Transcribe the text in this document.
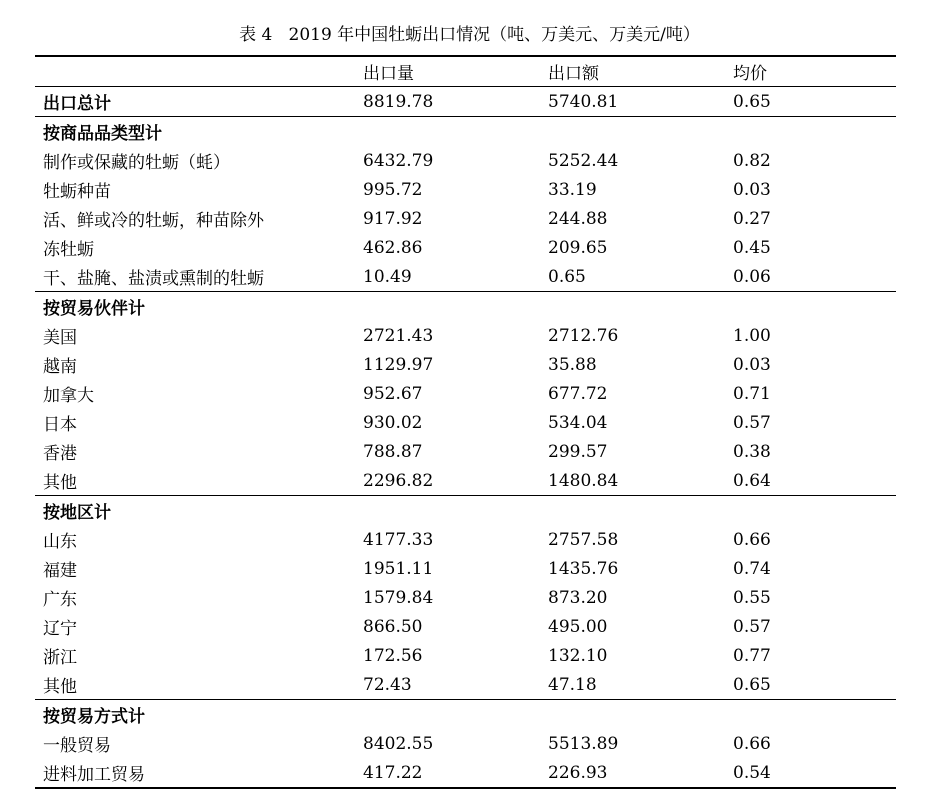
表 4   2019 年中国牡蛎出口情况（吨、万美元、万美元/吨）
	出口量	出口额	均价
出口总计	8819.78	5740.81	0.65
按商品品类型计			
制作或保藏的牡蛎（蚝）	6432.79	5252.44	0.82
牡蛎种苗	995.72	33.19	0.03
活、鲜或冷的牡蛎，种苗除外	917.92	244.88	0.27
冻牡蛎	462.86	209.65	0.45
干、盐腌、盐渍或熏制的牡蛎	10.49	0.65	0.06
按贸易伙伴计			
美国	2721.43	2712.76	1.00
越南	1129.97	35.88	0.03
加拿大	952.67	677.72	0.71
日本	930.02	534.04	0.57
香港	788.87	299.57	0.38
其他	2296.82	1480.84	0.64
按地区计			
山东	4177.33	2757.58	0.66
福建	1951.11	1435.76	0.74
广东	1579.84	873.20	0.55
辽宁	866.50	495.00	0.57
浙江	172.56	132.10	0.77
其他	72.43	47.18	0.65
按贸易方式计			
一般贸易	8402.55	5513.89	0.66
进料加工贸易	417.22	226.93	0.54
